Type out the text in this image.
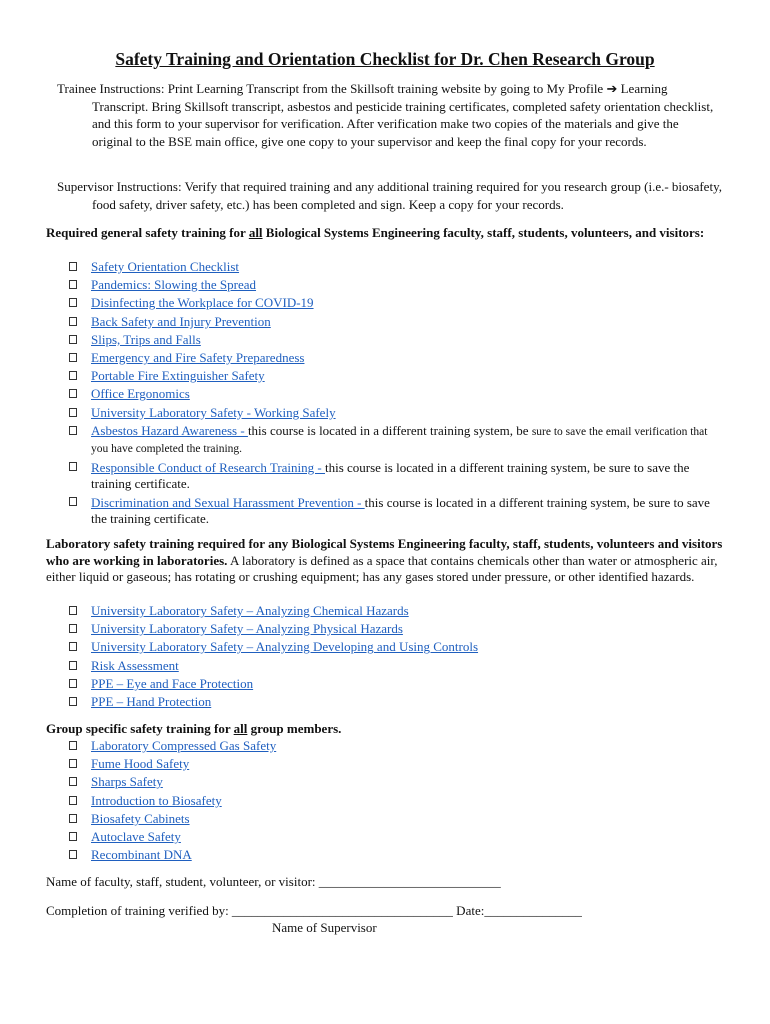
Safety Training and Orientation Checklist for Dr. Chen Research Group
Trainee Instructions: Print Learning Transcript from the Skillsoft training website by going to My Profile ➔ Learning Transcript. Bring Skillsoft transcript, asbestos and pesticide training certificates, completed safety orientation checklist, and this form to your supervisor for verification. After verification make two copies of the materials and give the original to the BSE main office, give one copy to your supervisor and keep the final copy for your records.
Supervisor Instructions: Verify that required training and any additional training required for you research group (i.e.- biosafety, food safety, driver safety, etc.) has been completed and sign. Keep a copy for your records.
Required general safety training for all Biological Systems Engineering faculty, staff, students, volunteers, and visitors:
Safety Orientation Checklist
Pandemics: Slowing the Spread
Disinfecting the Workplace for COVID-19
Back Safety and Injury Prevention
Slips, Trips and Falls
Emergency and Fire Safety Preparedness
Portable Fire Extinguisher Safety
Office Ergonomics
University Laboratory Safety - Working Safely
Asbestos Hazard Awareness - this course is located in a different training system, be sure to save the email verification that you have completed the training.
Responsible Conduct of Research Training - this course is located in a different training system, be sure to save the training certificate.
Discrimination and Sexual Harassment Prevention - this course is located in a different training system, be sure to save the training certificate.
Laboratory safety training required for any Biological Systems Engineering faculty, staff, students, volunteers and visitors who are working in laboratories. A laboratory is defined as a space that contains chemicals other than water or atmospheric air, either liquid or gaseous; has rotating or crushing equipment; has any gases stored under pressure, or other identified hazards.
University Laboratory Safety – Analyzing Chemical Hazards
University Laboratory Safety – Analyzing Physical Hazards
University Laboratory Safety – Analyzing Developing and Using Controls
Risk Assessment
PPE – Eye and Face Protection
PPE – Hand Protection
Group specific safety training for all group members.
Laboratory Compressed Gas Safety
Fume Hood Safety
Sharps Safety
Introduction to Biosafety
Biosafety Cabinets
Autoclave Safety
Recombinant DNA
Name of faculty, staff, student, volunteer, or visitor: ____________________________
Completion of training verified by: __________________________________ Date:_______________
Name of Supervisor
